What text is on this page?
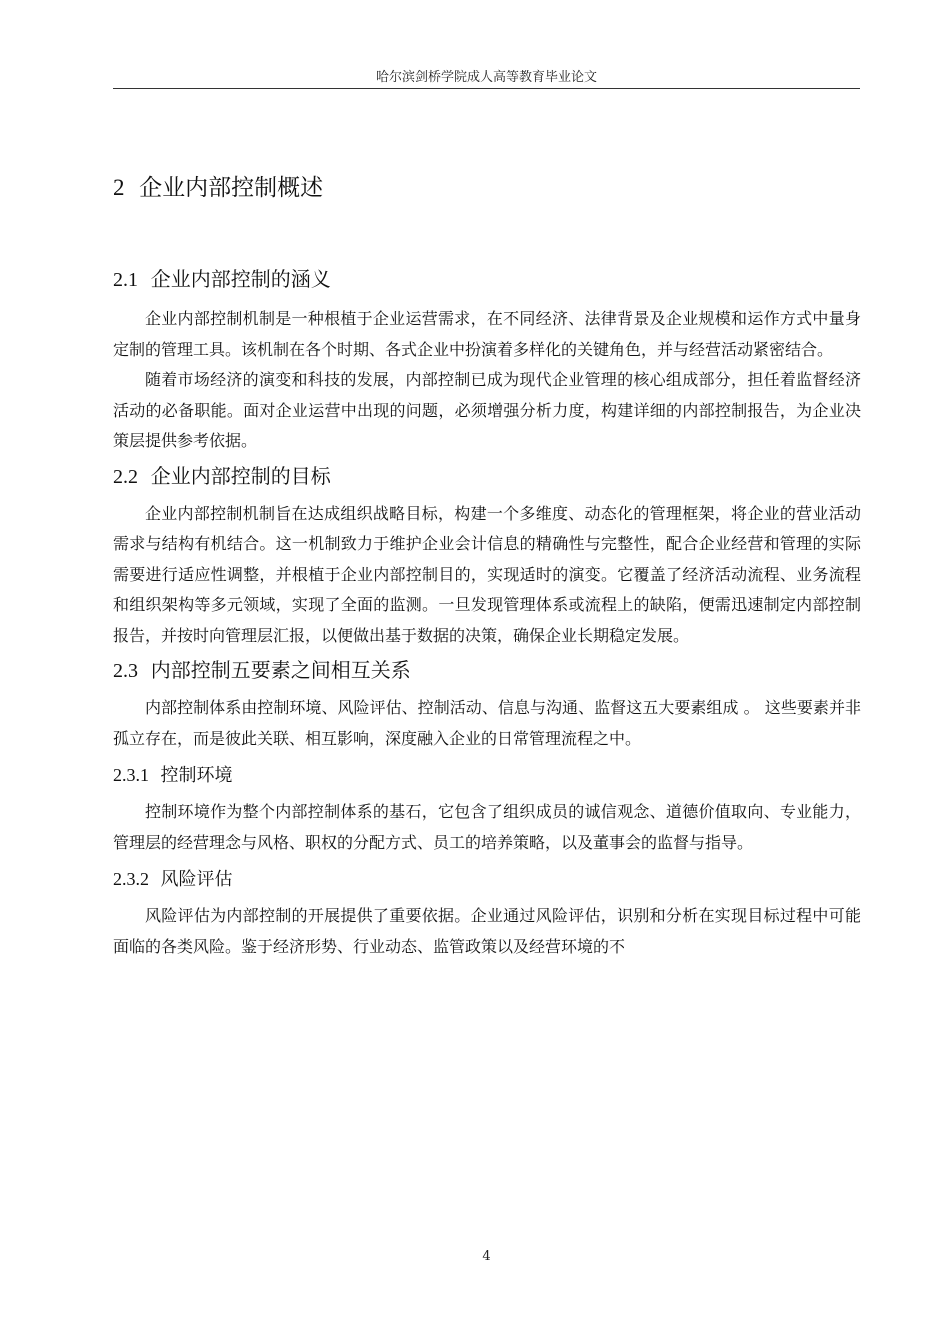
哈尔滨剑桥学院成人高等教育毕业论文
2 企业内部控制概述
2.1 企业内部控制的涵义

企业内部控制机制是一种根植于企业运营需求，在不同经济、法律背景及企业规模和运作方式中量身定制的管理工具。该机制在各个时期、各式企业中扮演着多样化的关键角色，并与经营活动紧密结合。

随着市场经济的演变和科技的发展，内部控制已成为现代企业管理的核心组成部分，担任着监督经济活动的必备职能。面对企业运营中出现的问题，必须增强分析力度，构建详细的内部控制报告，为企业决策层提供参考依据。

2.2 企业内部控制的目标

企业内部控制机制旨在达成组织战略目标，构建一个多维度、动态化的管理框架，将企业的营业活动需求与结构有机结合。这一机制致力于维护企业会计信息的精确性与完整性，配合企业经营和管理的实际需要进行适应性调整，并根植于企业内部控制目的，实现适时的演变。它覆盖了经济活动流程、业务流程和组织架构等多元领域，实现了全面的监测。一旦发现管理体系或流程上的缺陷，便需迅速制定内部控制报告，并按时向管理层汇报，以便做出基于数据的决策，确保企业长期稳定发展。

2.3 内部控制五要素之间相互关系

内部控制体系由控制环境、风险评估、控制活动、信息与沟通、监督这五大要素组成 。 这些要素并非孤立存在，而是彼此关联、相互影响，深度融入企业的日常管理流程之中。

2.3.1 控制环境

控制环境作为整个内部控制体系的基石，它包含了组织成员的诚信观念、道德价值取向、专业能力，管理层的经营理念与风格、职权的分配方式、员工的培养策略，以及董事会的监督与指导。

2.3.2 风险评估

风险评估为内部控制的开展提供了重要依据。企业通过风险评估，识别和分析在实现目标过程中可能面临的各类风险。鉴于经济形势、行业动态、监管政策以及经营环境的不

4
